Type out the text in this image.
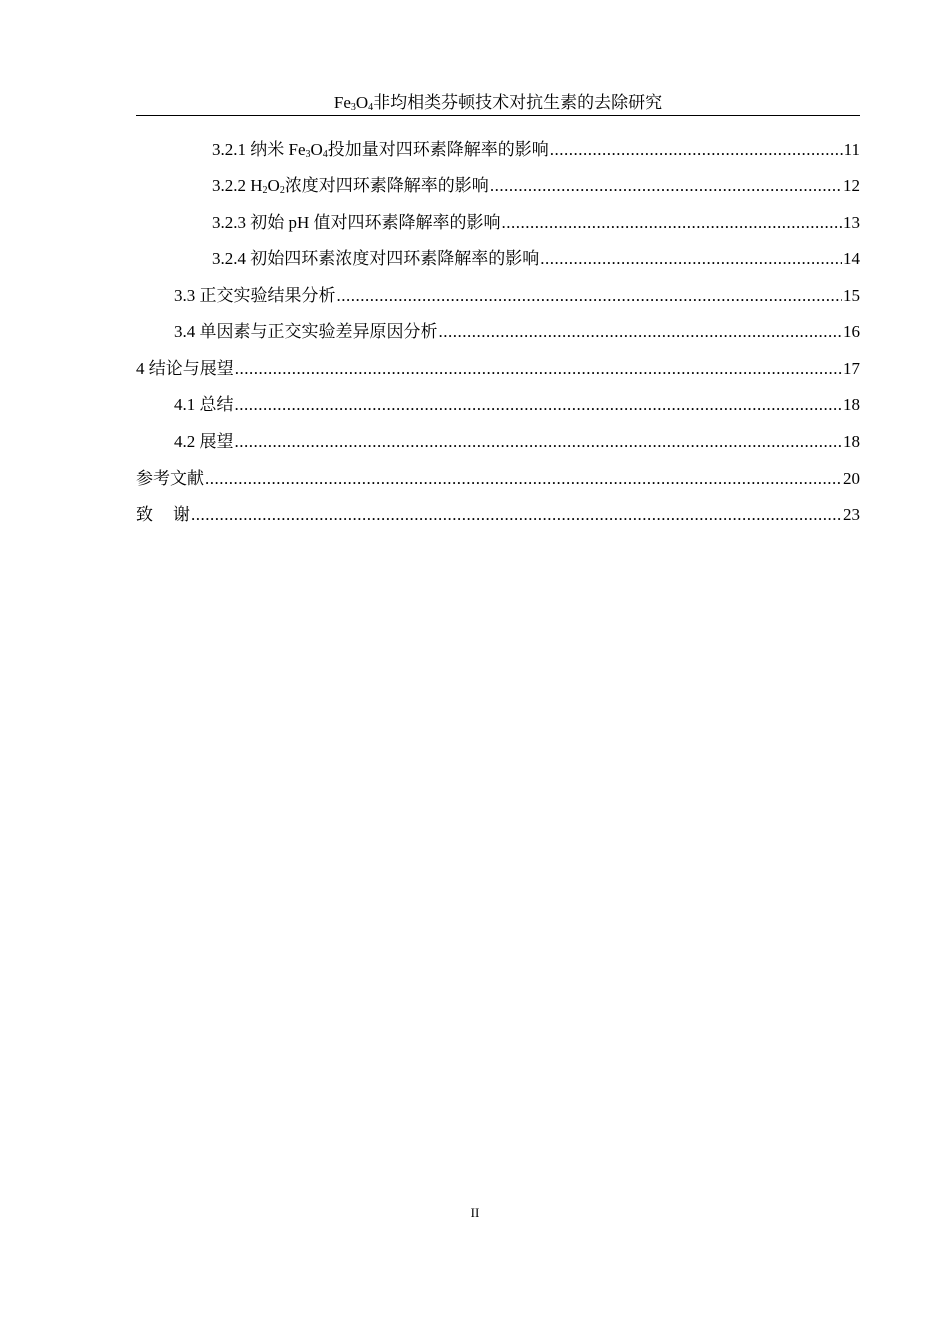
$Fe_3O_4$非均相类芬顿技术对抗生素的去除研究
3.2.1 纳米 $Fe_3O_4$投加量对四环素降解率的影响 .....	11
3.2.2 $H_2O_2$浓度对四环素降解率的影响 .....	12
3.2.3 初始 pH 值对四环素降解率的影响 .....	13
3.2.4 初始四环素浓度对四环素降解率的影响 .....	14
3.3 正交实验结果分析 .....	15
3.4 单因素与正交实验差异原因分析 .....	16
4 结论与展望 .....	17
4.1 总结 .....	18
4.2 展望 .....	18
参考文献 .....	20
致谢 .....	23
II
